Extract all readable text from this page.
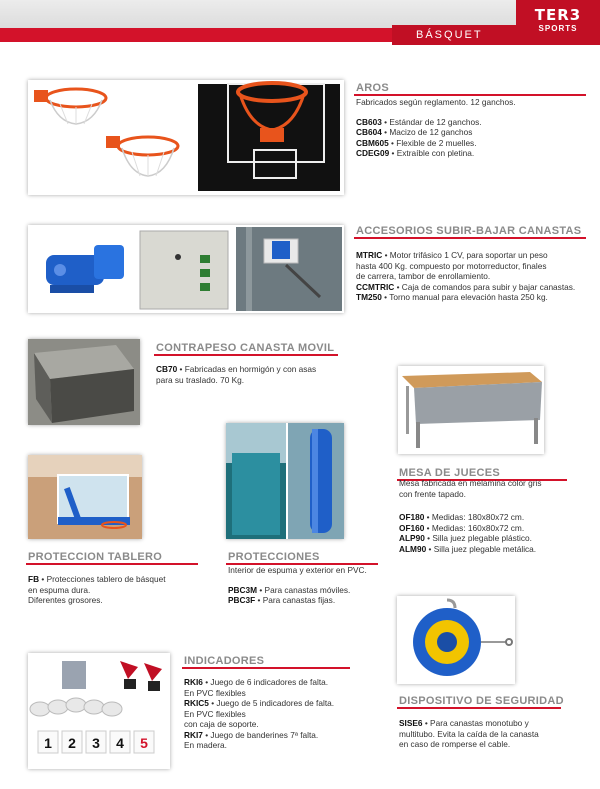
BÁSQUET
TER3
SPORTS
AROS
Fabricados según reglamento. 12 ganchos.
CB603 • Estándar de 12 ganchos.
CB604 • Macizo de 12 ganchos
CBM605 • Flexible de 2 muelles.
CDEG09 • Extraíble con pletina.
ACCESORIOS SUBIR-BAJAR CANASTAS
MTRIC • Motor trifásico 1 CV, para soportar un peso
hasta 400 Kg. compuesto por motorreductor, finales
de carrera, tambor de enrollamiento.
CCMTRIC • Caja de comandos para subir y bajar canastas.
TM250 • Torno manual para elevación hasta 250 kg.
CONTRAPESO CANASTA MOVIL
CB70 • Fabricadas en hormigón y con asas
para su traslado. 70 Kg.
MESA DE JUECES
Mesa fabricada en melamina color gris
con frente tapado.
OF180 • Medidas: 180x80x72 cm.
OF160 • Medidas: 160x80x72 cm.
ALP90 • Silla juez plegable plástico.
ALM90 • Silla juez plegable metálica.
PROTECCION TABLERO
FB • Protecciones tablero de básquet
en espuma dura.
Diferentes grosores.
PROTECCIONES
Interior de espuma y exterior en PVC.
PBC3M • Para canastas móviles.
PBC3F • Para canastas fijas.
1 2 3 4 5
INDICADORES
RKI6 • Juego de 6 indicadores de falta.
En PVC flexibles
RKIC5 • Juego de 5 indicadores de falta.
En PVC flexibles
con caja de soporte.
RKI7 • Juego de banderines 7ª falta.
En madera.
DISPOSITIVO DE SEGURIDAD
SISE6 • Para canastas monotubo y
multitubo. Evita la caída de la canasta
en caso de romperse el cable.
